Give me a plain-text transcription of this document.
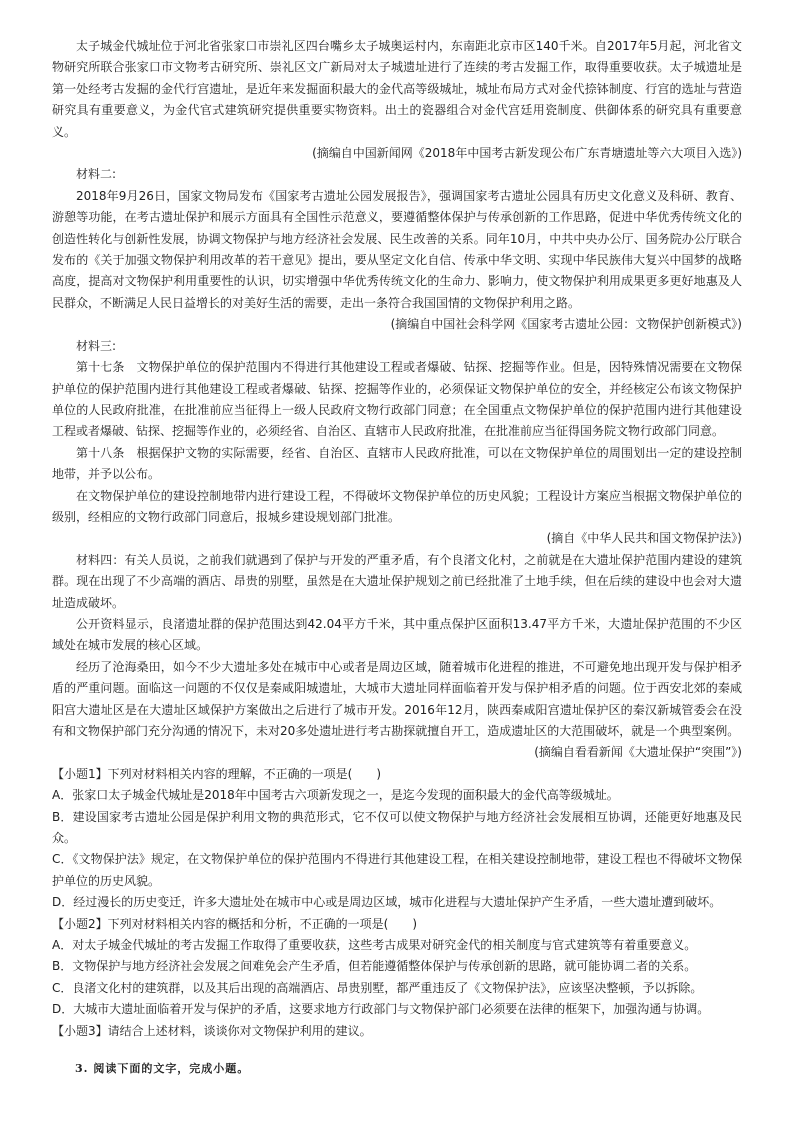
太子城金代城址位于河北省张家口市崇礼区四台嘴乡太子城奥运村内，东南距北京市区140千米。自2017年5月起，河北省文物研究所联合张家口市文物考古研究所、崇礼区文广新局对太子城遗址进行了连续的考古发掘工作，取得重要收获。太子城遗址是第一处经考古发掘的金代行宫遗址，是近年来发掘面积最大的金代高等级城址，城址布局方式对金代捺钵制度、行宫的选址与营造研究具有重要意义，为金代官式建筑研究提供重要实物资料。出土的瓷器组合对金代宫廷用瓷制度、供御体系的研究具有重要意义。

(摘编自中国新闻网《2018年中国考古新发现公布广东青塘遗址等六大项目入选》)

材料二:

2018年9月26日，国家文物局发布《国家考古遗址公园发展报告》，强调国家考古遗址公园具有历史文化意义及科研、教育、游憩等功能，在考古遗址保护和展示方面具有全国性示范意义，要遵循整体保护与传承创新的工作思路，促进中华优秀传统文化的创造性转化与创新性发展，协调文物保护与地方经济社会发展、民生改善的关系。同年10月，中共中央办公厅、国务院办公厅联合发布的《关于加强文物保护利用改革的若干意见》提出，要从坚定文化自信、传承中华文明、实现中华民族伟大复兴中国梦的战略高度，提高对文物保护利用重要性的认识，切实增强中华优秀传统文化的生命力、影响力，使文物保护利用成果更多更好地惠及人民群众，不断满足人民日益增长的对美好生活的需要，走出一条符合我国国情的文物保护利用之路。

(摘编自中国社会科学网《国家考古遗址公园：文物保护创新模式》)

材料三:

第十七条　文物保护单位的保护范围内不得进行其他建设工程或者爆破、钻探、挖掘等作业。但是，因特殊情况需要在文物保护单位的保护范围内进行其他建设工程或者爆破、钻探、挖掘等作业的，必须保证文物保护单位的安全，并经核定公布该文物保护单位的人民政府批准，在批准前应当征得上一级人民政府文物行政部门同意；在全国重点文物保护单位的保护范围内进行其他建设工程或者爆破、钻探、挖掘等作业的，必须经省、自治区、直辖市人民政府批准，在批准前应当征得国务院文物行政部门同意。

第十八条　根据保护文物的实际需要，经省、自治区、直辖市人民政府批准，可以在文物保护单位的周围划出一定的建设控制地带，并予以公布。

在文物保护单位的建设控制地带内进行建设工程，不得破坏文物保护单位的历史风貌；工程设计方案应当根据文物保护单位的级别，经相应的文物行政部门同意后，报城乡建设规划部门批准。

(摘自《中华人民共和国文物保护法》)

材料四：有关人员说，之前我们就遇到了保护与开发的严重矛盾，有个良渚文化村，之前就是在大遗址保护范围内建设的建筑群。现在出现了不少高端的酒店、昂贵的别墅，虽然是在大遗址保护规划之前已经批准了土地手续，但在后续的建设中也会对大遗址造成破坏。

公开资料显示，良渚遗址群的保护范围达到42.04平方千米，其中重点保护区面积13.47平方千米，大遗址保护范围的不少区域处在城市发展的核心区域。

经历了沧海桑田，如今不少大遗址多处在城市中心或者是周边区域，随着城市化进程的推进，不可避免地出现开发与保护相矛盾的严重问题。面临这一问题的不仅仅是秦咸阳城遗址，大城市大遗址同样面临着开发与保护相矛盾的问题。位于西安北郊的秦咸阳宫大遗址区是在大遗址区域保护方案做出之后进行了城市开发。2016年12月，陕西秦咸阳宫遗址保护区的秦汉新城管委会在没有和文物保护部门充分沟通的情况下，未对20多处遗址进行考古勘探就擅自开工，造成遗址区的大范围破坏，就是一个典型案例。

(摘编自看看新闻《大遗址保护“突围”》)

【小题1】下列对材料相关内容的理解，不正确的一项是(　　)

A．张家口太子城金代城址是2018年中国考古六项新发现之一，是迄今发现的面积最大的金代高等级城址。

B．建设国家考古遗址公园是保护利用文物的典范形式，它不仅可以使文物保护与地方经济社会发展相互协调，还能更好地惠及民众。

C．《文物保护法》规定，在文物保护单位的保护范围内不得进行其他建设工程，在相关建设控制地带，建设工程也不得破坏文物保护单位的历史风貌。

D．经过漫长的历史变迁，许多大遗址处在城市中心或是周边区域，城市化进程与大遗址保护产生矛盾，一些大遗址遭到破坏。

【小题2】下列对材料相关内容的概括和分析，不正确的一项是(　　)

A．对太子城金代城址的考古发掘工作取得了重要收获，这些考古成果对研究金代的相关制度与官式建筑等有着重要意义。

B．文物保护与地方经济社会发展之间难免会产生矛盾，但若能遵循整体保护与传承创新的思路，就可能协调二者的关系。

C．良渚文化村的建筑群，以及其后出现的高端酒店、昂贵别墅，都严重违反了《文物保护法》，应该坚决整顿，予以拆除。

D．大城市大遗址面临着开发与保护的矛盾，这要求地方行政部门与文物保护部门必须要在法律的框架下，加强沟通与协调。

【小题3】请结合上述材料，谈谈你对文物保护利用的建议。

3. 阅读下面的文字，完成小题。
